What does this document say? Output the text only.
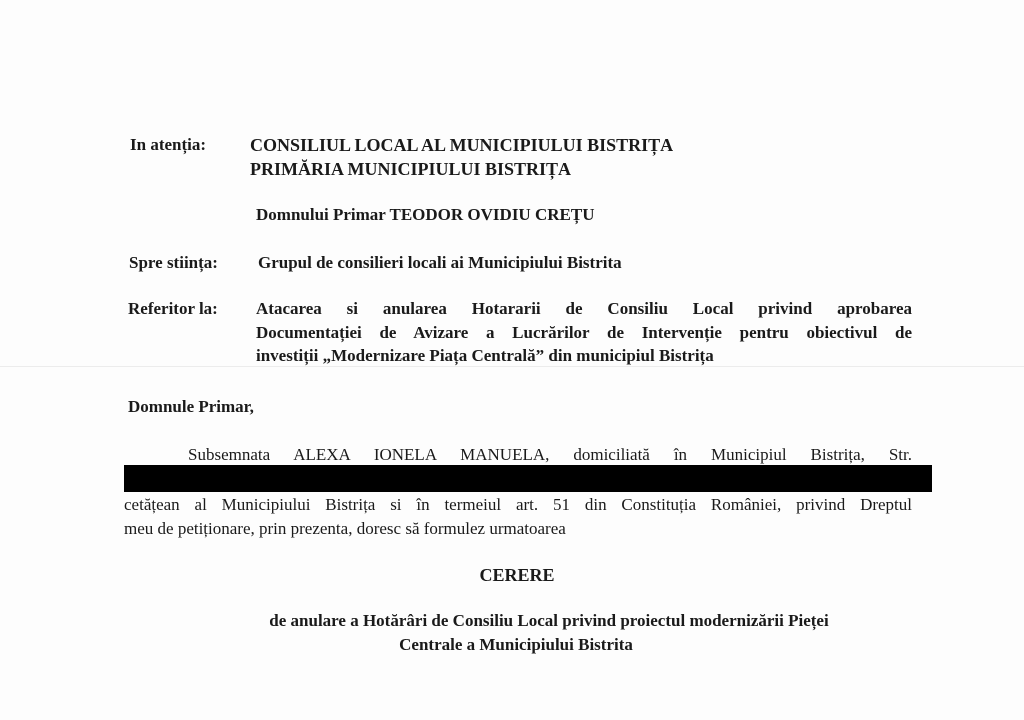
In atenția: CONSILIUL LOCAL AL MUNICIPIULUI BISTRIȚA
PRIMĂRIA MUNICIPIULUI BISTRIȚA
Domnului Primar TEODOR OVIDIU CREȚU
Spre stiința: Grupul de consilieri locali ai Municipiului Bistrita
Referitor la: Atacarea si anularea Hotararii de Consiliu Local privind aprobarea
Documentației de Avizare a Lucrărilor de Intervenție pentru obiectivul de
investiții „Modernizare Piața Centrală” din municipiul Bistrița
Domnule Primar,
Subsemnata ALEXA IONELA MANUELA, domiciliată în Municipiul Bistrița, Str.
cetățean al Municipiului Bistrița si în termeiul art. 51 din Constituția României, privind Dreptul
meu de petiționare, prin prezenta, doresc să formulez urmatoarea
CERERE
de anulare a Hotărâri de Consiliu Local privind proiectul modernizării Pieței
Centrale a Municipiului Bistrita
